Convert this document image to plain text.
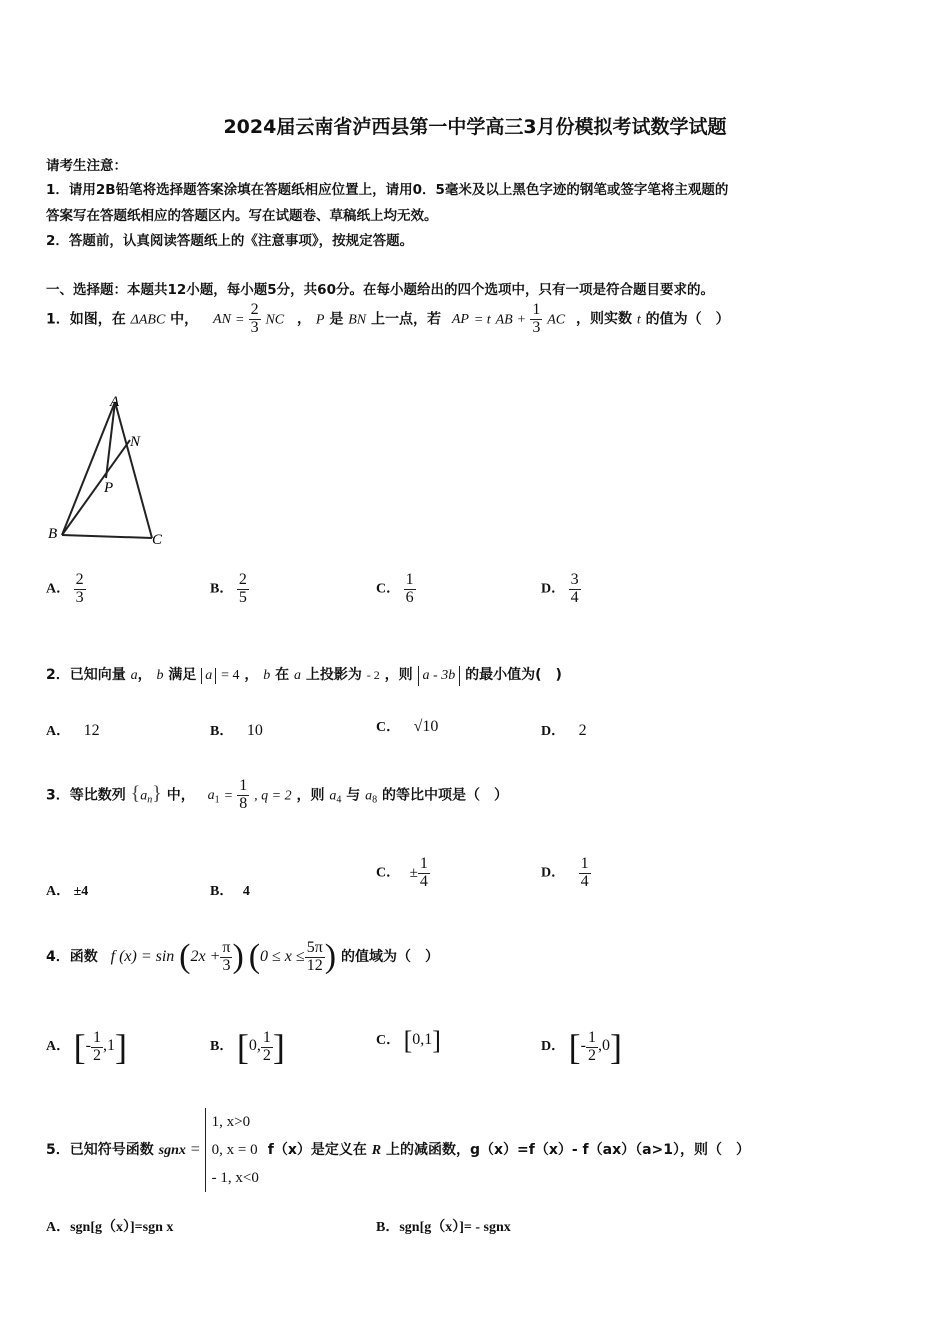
2024届云南省泸西县第一中学高三3月份模拟考试数学试题
请考生注意：
1．请用2B铅笔将选择题答案涂填在答题纸相应位置上，请用0．5毫米及以上黑色字迹的钢笔或签字笔将主观题的
答案写在答题纸相应的答题区内。写在试题卷、草稿纸上均无效。
2．答题前，认真阅读答题纸上的《注意事项》，按规定答题。
一、选择题：本题共12小题，每小题5分，共60分。在每小题给出的四个选项中，只有一项是符合题目要求的。
1．如图，在 ΔABC 中， AN = $\frac{2}{3}$ NC ， P 是 BN 上一点，若 AP = t AB + $\frac{1}{3}$ AC ，则实数 t 的值为（　）
A
N
P
B	C
A． $\frac{2}{3}$	B． $\frac{2}{5}$	C． $\frac{1}{6}$	D． $\frac{3}{4}$
2．已知向量 a， b 满足 a = 4 ， b 在 a 上投影为 - 2 ，则 a - 3b 的最小值为(　)
A． 12	B． 10	C． √10	D． 2
3．等比数列 $\{a_n\}$ 中， $a_1 = \frac{1}{8}$ , q = 2 ，则 $a_4$ 与 $a_8$ 的等比中项是（　）
A． ±4	B． 4
C． ± $\frac{1}{4}$	D． $\frac{1}{4}$
4．函数 f $(x) = \sin (2x + \frac{\pi}{3}$ ) ($0 \le x \le \frac{5\pi}{12}$ ) 的值域为（　）
A． [- $\frac{1}{2} ,1$]	B． [0, $\frac{1}{2}$ ]	C． [0,1]	D． [- $\frac{1}{2} ,0$]
5．已知符号函数 sgnx =
1, x>0
0, x = 0
- 1, x<0
f（x）是定义在 R 上的减函数，g（x）=f（x）- f（ax）（a>1），则（　）
A．sgn[g（x）]=sgn x	B．sgn[g（x）]= - sgnx
